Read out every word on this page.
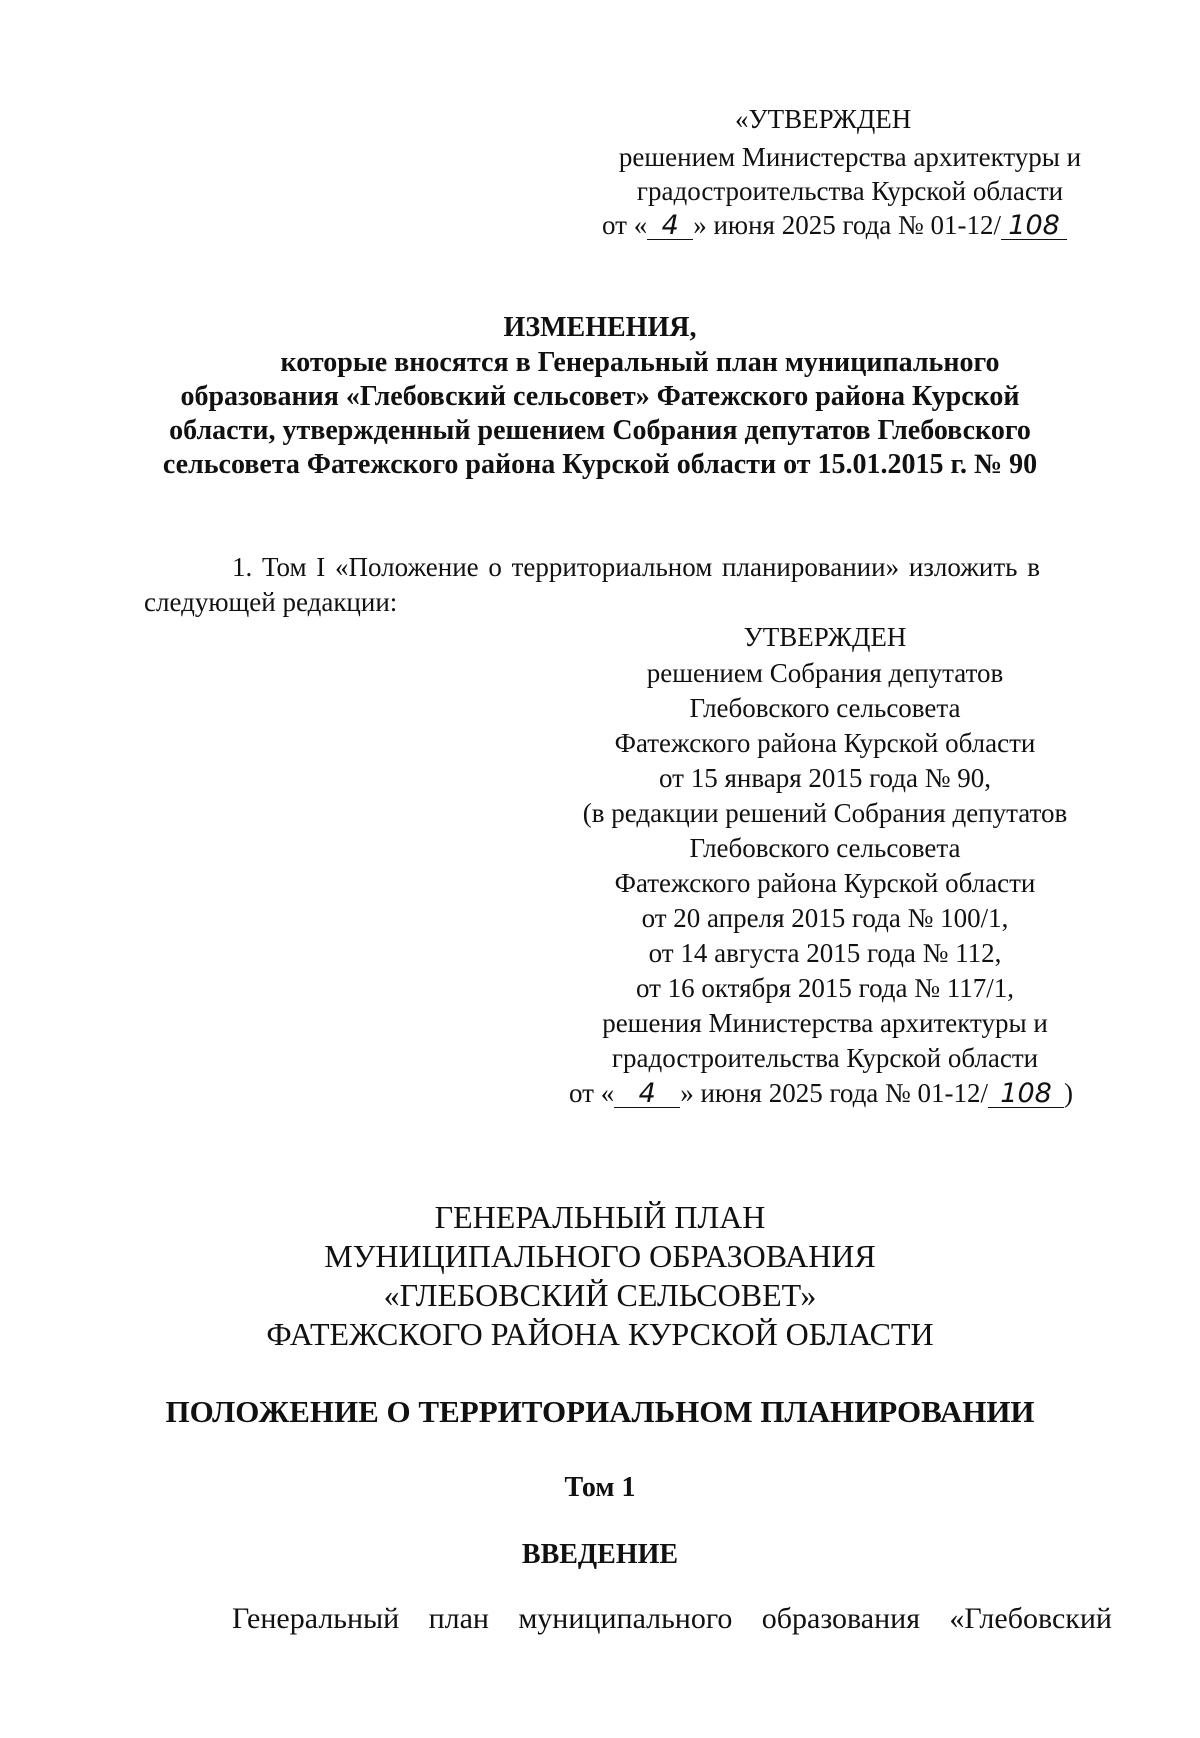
«УТВЕРЖДЕН
решением Министерства архитектуры и
градостроительства Курской области
от « 4 » июня 2025 года № 01-12/ 108
ИЗМЕНЕНИЯ,
которые вносятся в Генеральный план муниципального
образования «Глебовский сельсовет» Фатежского района Курской
области, утвержденный решением Собрания депутатов Глебовского
сельсовета Фатежского района Курской области от 15.01.2015 г. № 90
1. Том I «Положение о территориальном планировании» изложить в
следующей редакции:
УТВЕРЖДЕН
решением Собрания депутатов
Глебовского сельсовета
Фатежского района Курской области
от 15 января 2015 года № 90,
(в редакции решений Собрания депутатов
Глебовского сельсовета
Фатежского района Курской области
от 20 апреля 2015 года № 100/1,
от 14 августа 2015 года № 112,
от 16 октября 2015 года № 117/1,
решения Министерства архитектуры и
градостроительства Курской области
от « 4 » июня 2025 года № 01-12/ 108 )
ГЕНЕРАЛЬНЫЙ ПЛАН
МУНИЦИПАЛЬНОГО ОБРАЗОВАНИЯ
«ГЛЕБОВСКИЙ СЕЛЬСОВЕТ»
ФАТЕЖСКОГО РАЙОНА КУРСКОЙ ОБЛАСТИ
ПОЛОЖЕНИЕ О ТЕРРИТОРИАЛЬНОМ ПЛАНИРОВАНИИ
Том 1
ВВЕДЕНИЕ
Генеральный план муниципального образования «Глебовский
